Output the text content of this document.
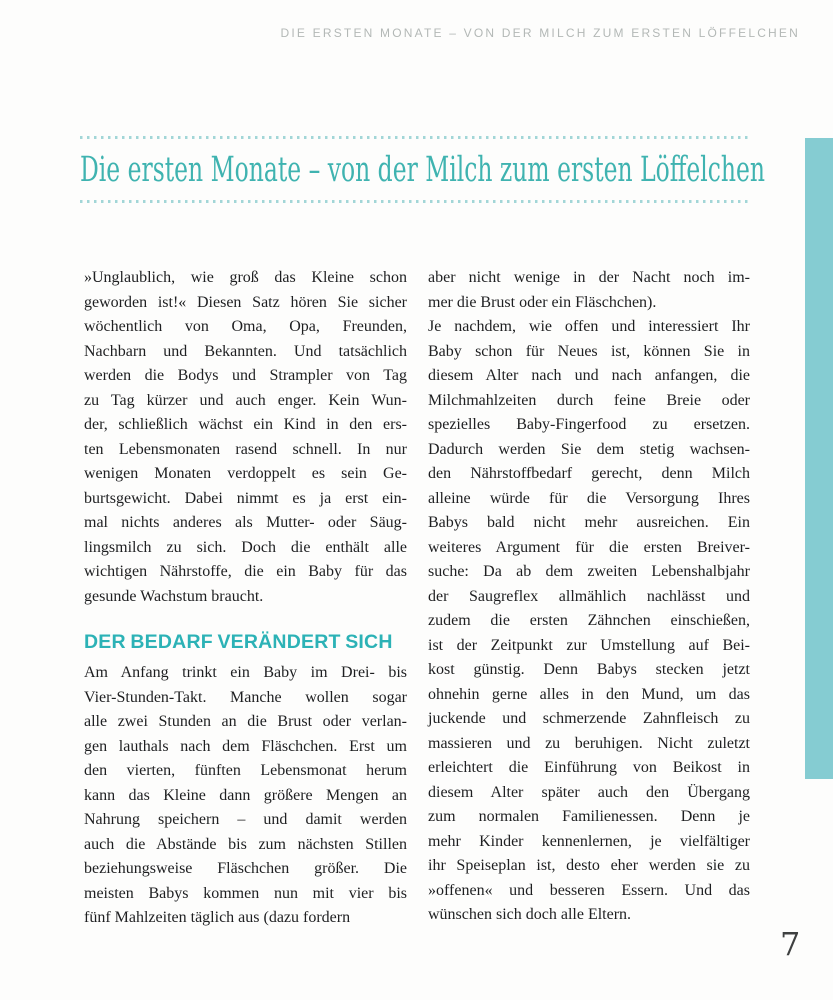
DIE ERSTEN MONATE – VON DER MILCH ZUM ERSTEN LÖFFELCHEN
Die ersten Monate – von der Milch zum ersten Löffelchen
»Unglaublich, wie groß das Kleine schon
geworden ist!« Diesen Satz hören Sie sicher
wöchentlich von Oma, Opa, Freunden,
Nachbarn und Bekannten. Und tatsächlich
werden die Bodys und Strampler von Tag
zu Tag kürzer und auch enger. Kein Wun-
der, schließlich wächst ein Kind in den ers-
ten Lebensmonaten rasend schnell. In nur
wenigen Monaten verdoppelt es sein Ge-
burtsgewicht. Dabei nimmt es ja erst ein-
mal nichts anderes als Mutter- oder Säug-
lingsmilch zu sich. Doch die enthält alle
wichtigen Nährstoffe, die ein Baby für das
gesunde Wachstum braucht.
DER BEDARF VERÄNDERT SICH
Am Anfang trinkt ein Baby im Drei- bis
Vier-Stunden-Takt. Manche wollen sogar
alle zwei Stunden an die Brust oder verlan-
gen lauthals nach dem Fläschchen. Erst um
den vierten, fünften Lebensmonat herum
kann das Kleine dann größere Mengen an
Nahrung speichern – und damit werden
auch die Abstände bis zum nächsten Stillen
beziehungsweise Fläschchen größer. Die
meisten Babys kommen nun mit vier bis
fünf Mahlzeiten täglich aus (dazu fordern
aber nicht wenige in der Nacht noch im-
mer die Brust oder ein Fläschchen).
Je nachdem, wie offen und interessiert Ihr
Baby schon für Neues ist, können Sie in
diesem Alter nach und nach anfangen, die
Milchmahlzeiten durch feine Breie oder
spezielles Baby-Fingerfood zu ersetzen.
Dadurch werden Sie dem stetig wachsen-
den Nährstoffbedarf gerecht, denn Milch
alleine würde für die Versorgung Ihres
Babys bald nicht mehr ausreichen. Ein
weiteres Argument für die ersten Breiver-
suche: Da ab dem zweiten Lebenshalbjahr
der Saugreflex allmählich nachlässt und
zudem die ersten Zähnchen einschießen,
ist der Zeitpunkt zur Umstellung auf Bei-
kost günstig. Denn Babys stecken jetzt
ohnehin gerne alles in den Mund, um das
juckende und schmerzende Zahnfleisch zu
massieren und zu beruhigen. Nicht zuletzt
erleichtert die Einführung von Beikost in
diesem Alter später auch den Übergang
zum normalen Familienessen. Denn je
mehr Kinder kennenlernen, je vielfältiger
ihr Speiseplan ist, desto eher werden sie zu
»offenen« und besseren Essern. Und das
wünschen sich doch alle Eltern.
7
